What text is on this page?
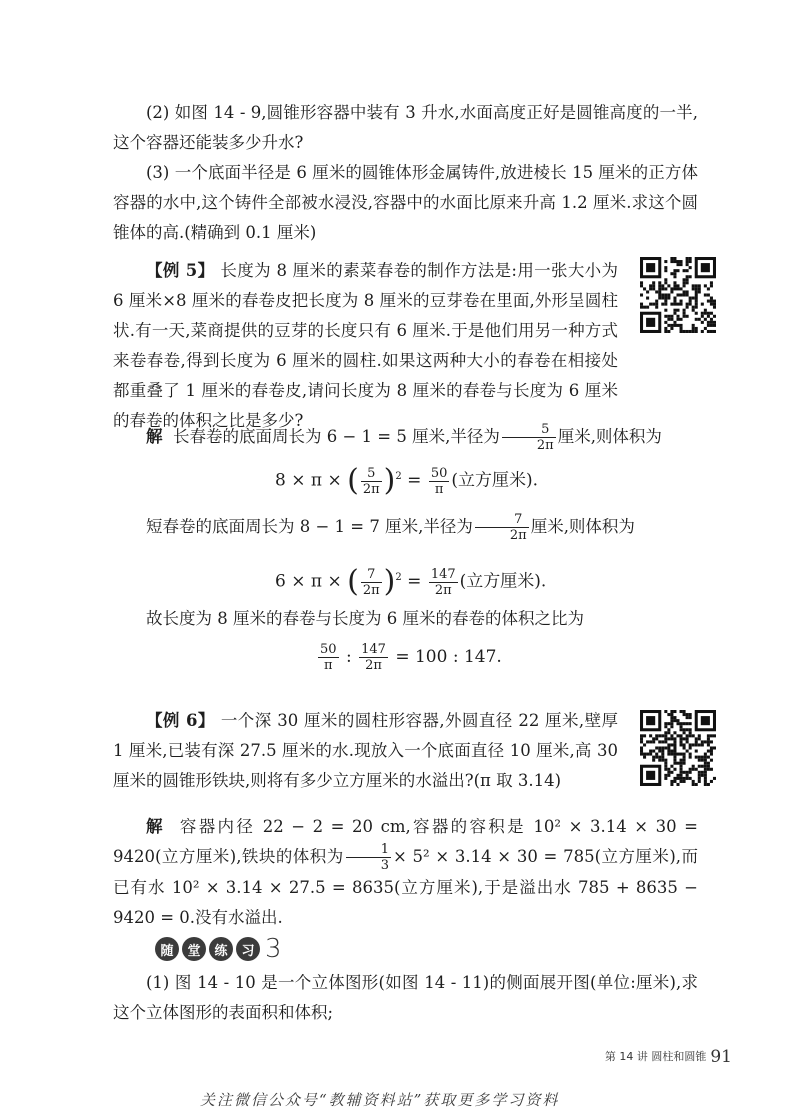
(2) 如图 14 - 9,圆锥形容器中装有 3 升水,水面高度正好是圆锥高度的一半,这个容器还能装多少升水?

(3) 一个底面半径是 6 厘米的圆锥体形金属铸件,放进棱长 15 厘米的正方体容器的水中,这个铸件全部被水浸没,容器中的水面比原来升高 1.2 厘米.求这个圆锥体的高.(精确到 0.1 厘米)

【例 5】 长度为 8 厘米的素菜春卷的制作方法是:用一张大小为 6 厘米×8 厘米的春卷皮把长度为 8 厘米的豆芽卷在里面,外形呈圆柱状.有一天,菜商提供的豆芽的长度只有 6 厘米.于是他们用另一种方式来卷春卷,得到长度为 6 厘米的圆柱.如果这两种大小的春卷在相接处都重叠了 1 厘米的春卷皮,请问长度为 8 厘米的春卷与长度为 6 厘米的春卷的体积之比是多少?

解 长春卷的底面周长为 6 − 1 = 5 厘米,半径为 $\frac{5}{2\pi}$ 厘米,则体积为

8 × π × ( $\frac{5}{2\pi} )^2 = \frac{50}{\pi}$ (立方厘米).

短春卷的底面周长为 8 − 1 = 7 厘米,半径为 $\frac{7}{2\pi}$ 厘米,则体积为

6 × π × ( $\frac{7}{2\pi} )^2 = \frac{147}{2\pi}$ (立方厘米).

故长度为 8 厘米的春卷与长度为 6 厘米的春卷的体积之比为

$\frac{50}{\pi}$ : $\frac{147}{2\pi} = 100$ : 147.

【例 6】 一个深 30 厘米的圆柱形容器,外圆直径 22 厘米,壁厚 1 厘米,已装有深 27.5 厘米的水.现放入一个底面直径 10 厘米,高 30 厘米的圆锥形铁块,则将有多少立方厘米的水溢出?(π 取 3.14)

解 容器内径 22 − 2 = 20 cm,容器的容积是 10² × 3.14 × 30 = 9420(立方厘米),铁块的体积为 $\frac{1}{3} \times 5^2 \times 3.14 \times 30 = 785$(立方厘米),而已有水 10² × 3.14 × 27.5 = 8635(立方厘米),于是溢出水 785 + 8635 − 9420 = 0.没有水溢出.

随	堂	练	习 3

(1) 图 14 - 10 是一个立体图形(如图 14 - 11)的侧面展开图(单位:厘米),求这个立体图形的表面积和体积;

第 14 讲 圆柱和圆锥 91
关注微信公众号“教辅资料站”获取更多学习资料
